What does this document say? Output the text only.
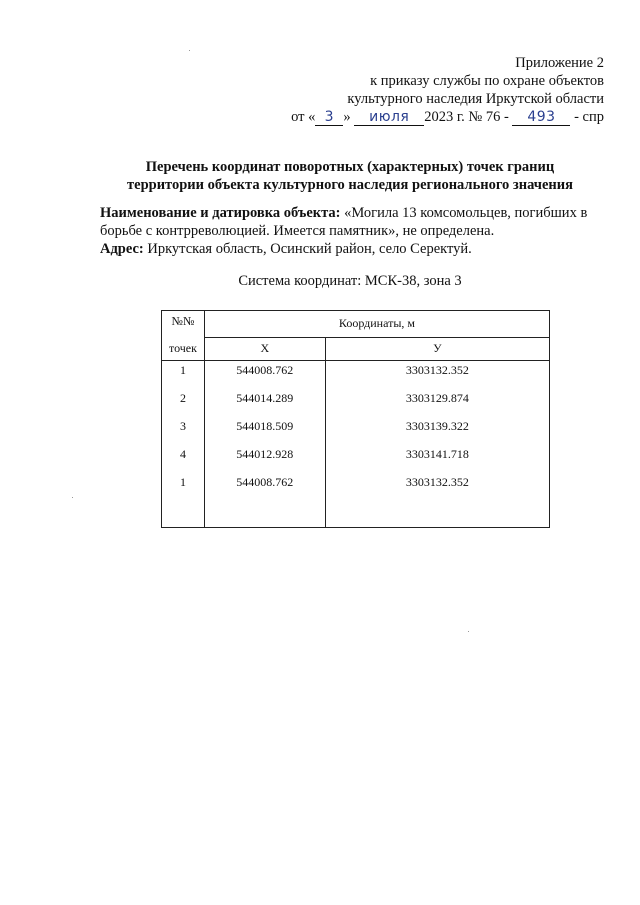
Приложение 2
к приказу службы по охране объектов
культурного наследия Иркутской области
от « 3 » июля 2023 г. № 76 - 493 - спр
Перечень координат поворотных (характерных) точек границ
территории объекта культурного наследия регионального значения
Наименование и датировка объекта: «Могила 13 комсомольцев, погибших в борьбе с контрреволюцией. Имеется памятник», не определена.
Адрес: Иркутская область, Осинский район, село Серектуй.
Система координат: МСК-38, зона 3
№№	Координаты, м	
точек	X	У
1	544008.762	3303132.352
2	544014.289	3303129.874
3	544018.509	3303139.322
4	544012.928	3303141.718
1	544008.762	3303132.352
